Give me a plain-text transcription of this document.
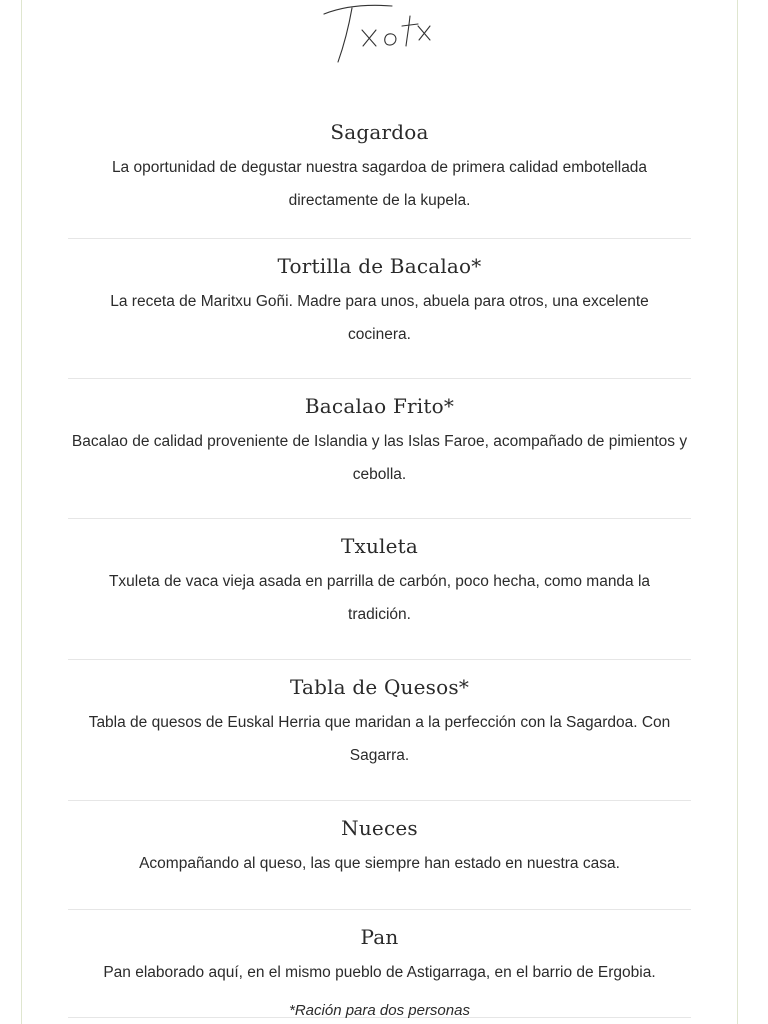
Sagardoa
La oportunidad de degustar nuestra sagardoa de primera calidad embotellada directamente de la kupela.
Tortilla de Bacalao*
La receta de Maritxu Goñi. Madre para unos, abuela para otros, una excelente cocinera.
Bacalao Frito*
Bacalao de calidad proveniente de Islandia y las Islas Faroe, acompañado de pimientos y cebolla.
Txuleta
Txuleta de vaca vieja asada en parrilla de carbón, poco hecha, como manda la tradición.
Tabla de Quesos*
Tabla de quesos de Euskal Herria que maridan a la perfección con la Sagardoa. Con Sagarra.
Nueces
Acompañando al queso, las que siempre han estado en nuestra casa.
Pan
Pan elaborado aquí, en el mismo pueblo de Astigarraga, en el barrio de Ergobia.
*Ración para dos personas
